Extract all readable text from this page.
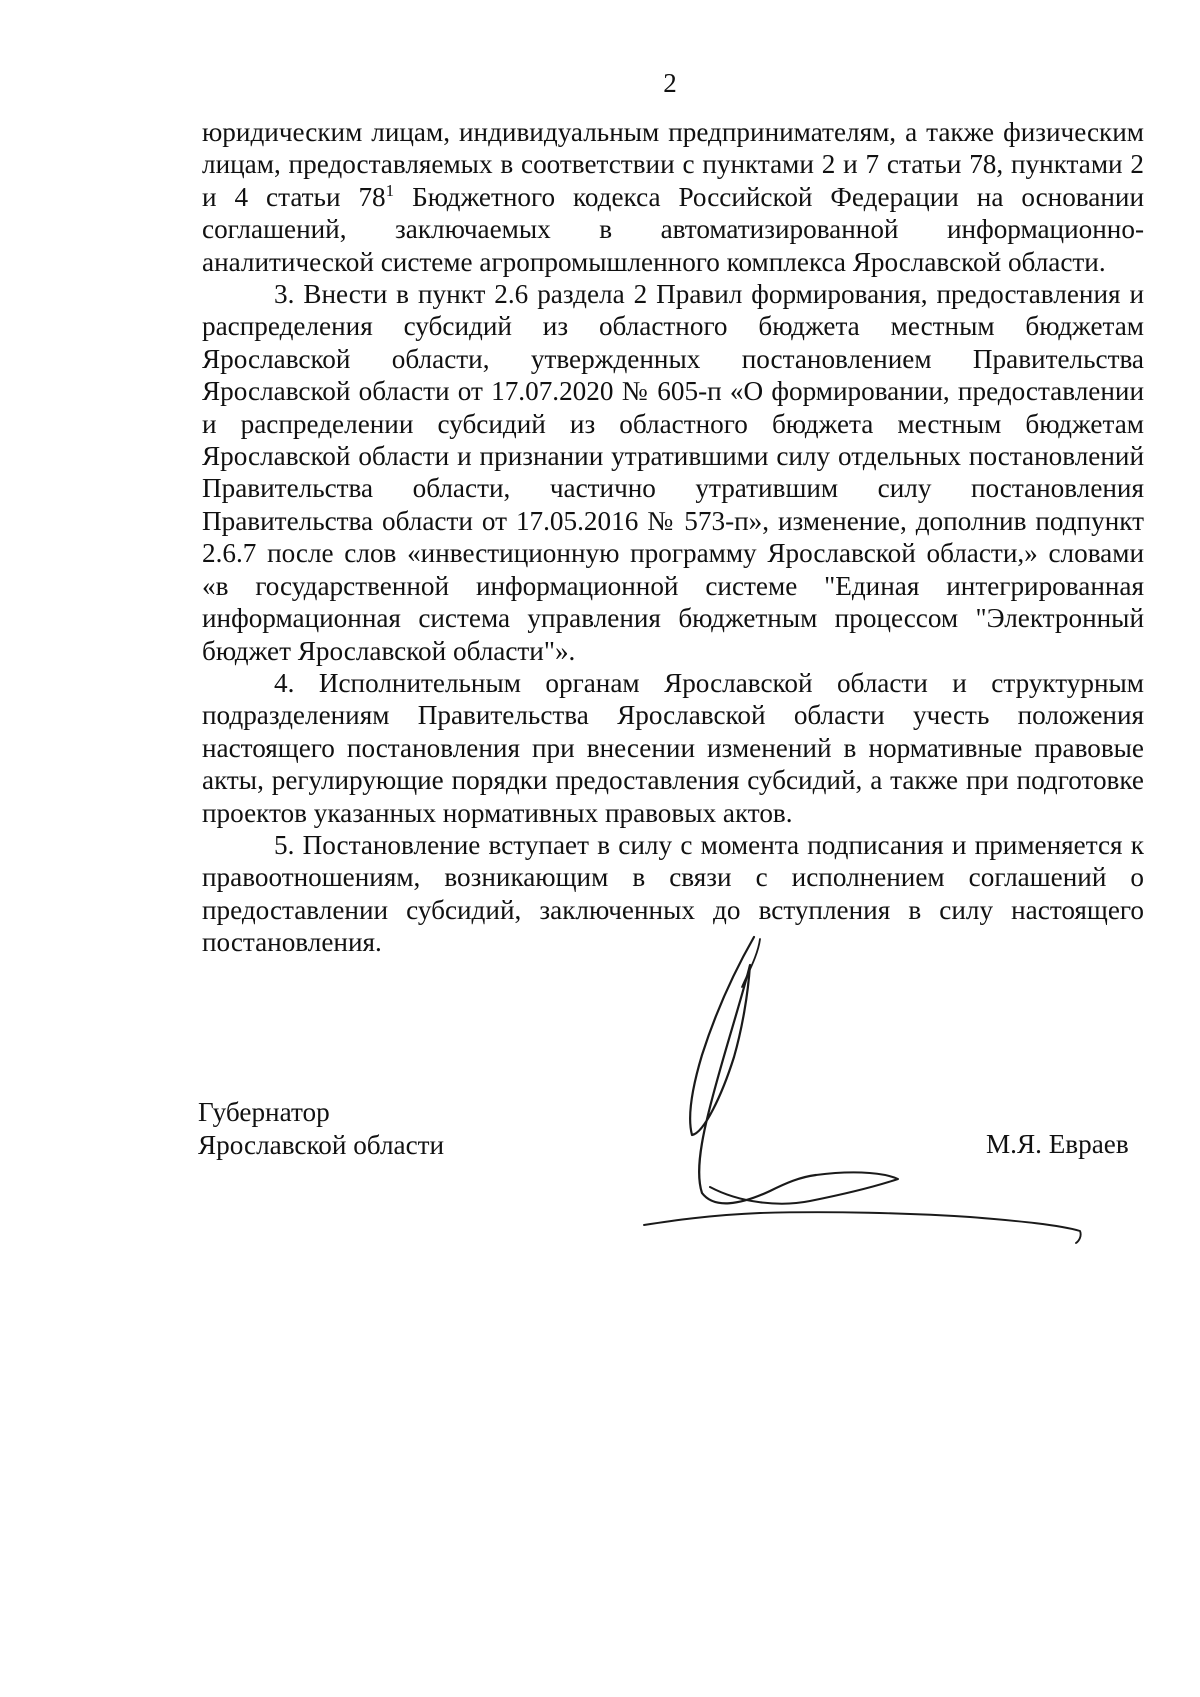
2

юридическим лицам, индивидуальным предпринимателям, а также физическим лицам, предоставляемых в соответствии с пунктами 2 и 7 статьи 78, пунктами 2 и 4 статьи $78^1$ Бюджетного кодекса Российской Федерации на основании соглашений, заключаемых в автоматизированной информационно-аналитической системе агропромышленного комплекса Ярославской области.

3. Внести в пункт 2.6 раздела 2 Правил формирования, предоставления и распределения субсидий из областного бюджета местным бюджетам Ярославской области, утвержденных постановлением Правительства Ярославской области от 17.07.2020 № 605-п «О формировании, предоставлении и распределении субсидий из областного бюджета местным бюджетам Ярославской области и признании утратившими силу отдельных постановлений Правительства области, частично утратившим силу постановления Правительства области от 17.05.2016 № 573-п», изменение, дополнив подпункт 2.6.7 после слов «инвестиционную программу Ярославской области,» словами «в государственной информационной системе "Единая интегрированная информационная система управления бюджетным процессом "Электронный бюджет Ярославской области"».

4. Исполнительным органам Ярославской области и структурным подразделениям Правительства Ярославской области учесть положения настоящего постановления при внесении изменений в нормативные правовые акты, регулирующие порядки предоставления субсидий, а также при подготовке проектов указанных нормативных правовых актов.

5. Постановление вступает в силу с момента подписания и применяется к правоотношениям, возникающим в связи с исполнением соглашений о предоставлении субсидий, заключенных до вступления в силу настоящего постановления.

Губернатор
Ярославской области	М.Я. Евраев
